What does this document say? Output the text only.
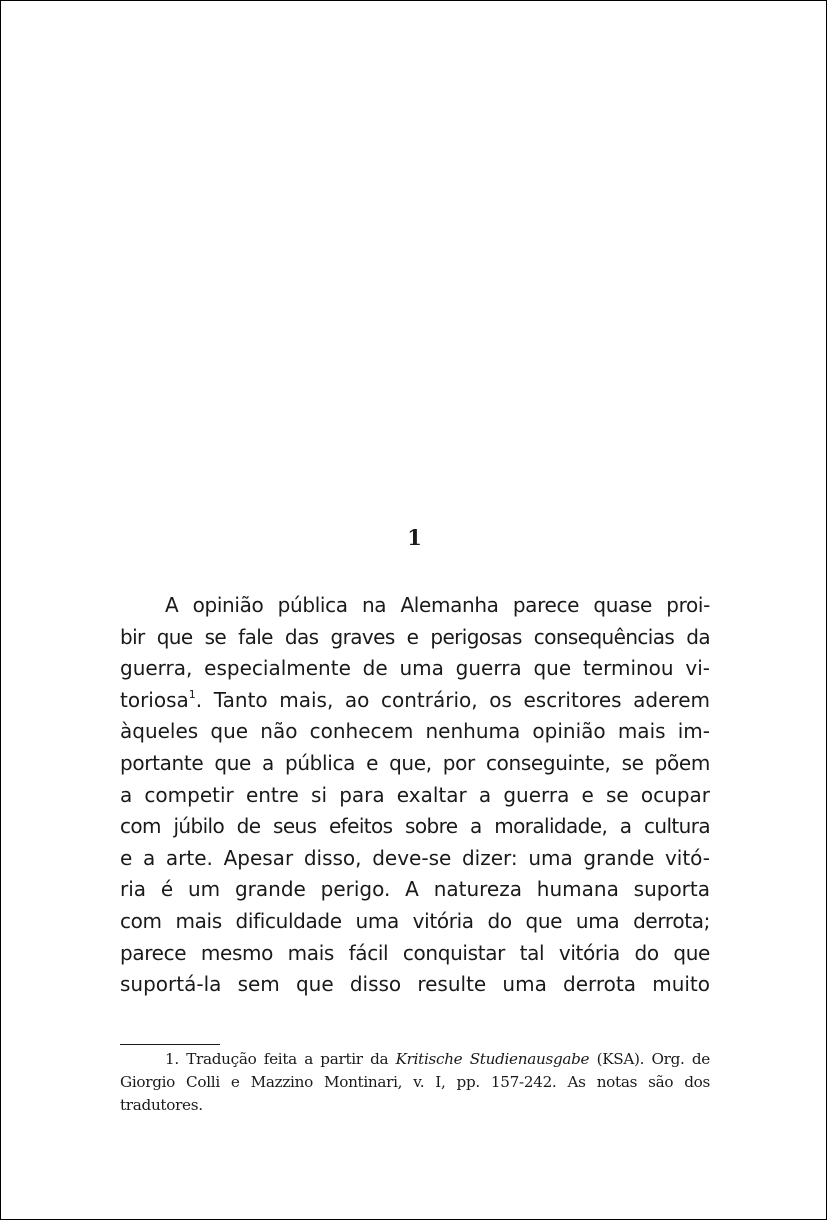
1
A opinião pública na Alemanha parece quase proi-
bir que se fale das graves e perigosas consequências da
guerra, especialmente de uma guerra que terminou vi-
toriosa$^1$. Tanto mais, ao contrário, os escritores aderem
àqueles que não conhecem nenhuma opinião mais im-
portante que a pública e que, por conseguinte, se põem
a competir entre si para exaltar a guerra e se ocupar
com júbilo de seus efeitos sobre a moralidade, a cultura
e a arte. Apesar disso, deve-se dizer: uma grande vitó-
ria é um grande perigo. A natureza humana suporta
com mais dificuldade uma vitória do que uma derrota;
parece mesmo mais fácil conquistar tal vitória do que
suportá-la sem que disso resulte uma derrota muito
1. Tradução feita a partir da Kritische Studienausgabe (KSA). Org. de
Giorgio Colli e Mazzino Montinari, v. I, pp. 157-242. As notas são dos
tradutores.
